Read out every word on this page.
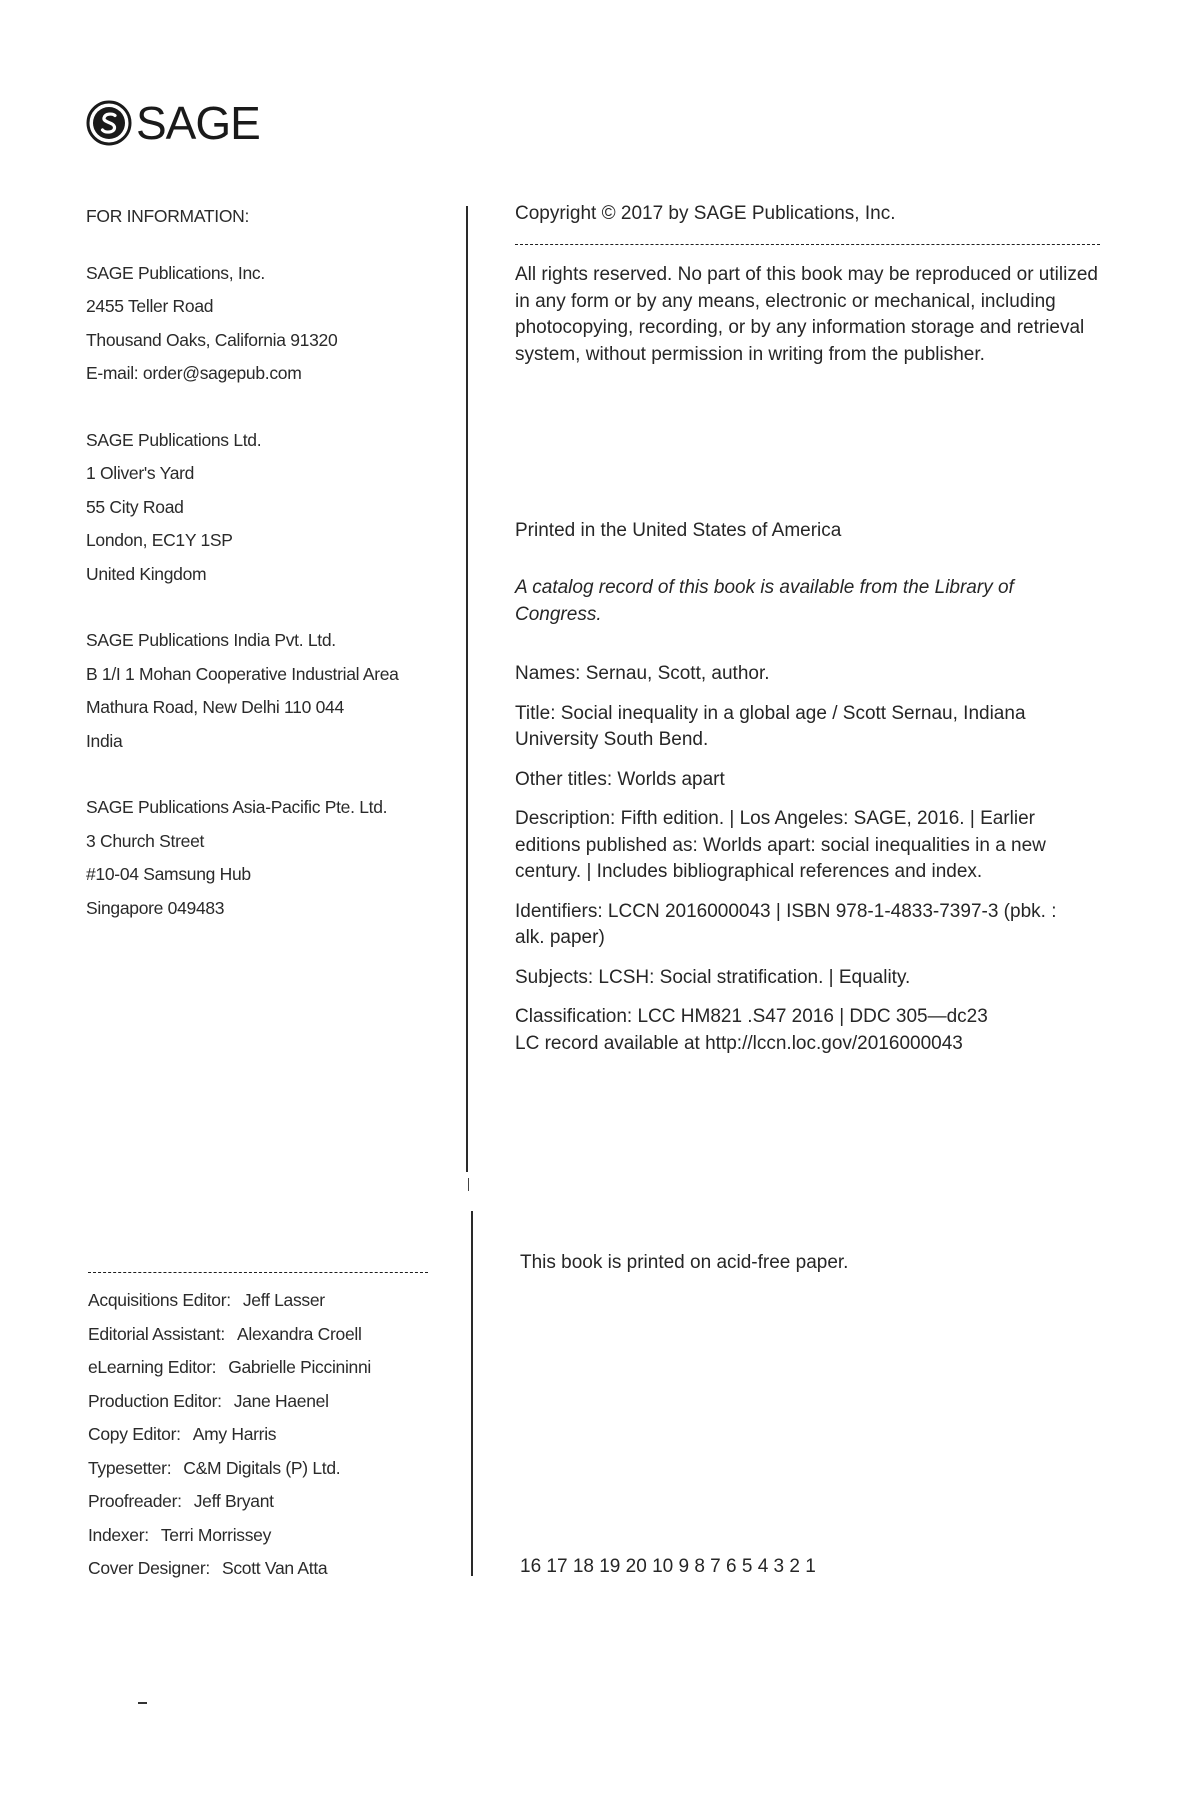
SAGE
FOR INFORMATION:
SAGE Publications, Inc.
2455 Teller Road
Thousand Oaks, California 91320
E-mail: order@sagepub.com
SAGE Publications Ltd.
1 Oliver's Yard
55 City Road
London, EC1Y 1SP
United Kingdom
SAGE Publications India Pvt. Ltd.
B 1/I 1 Mohan Cooperative Industrial Area
Mathura Road, New Delhi 110 044
India
SAGE Publications Asia-Pacific Pte. Ltd.
3 Church Street
#10-04 Samsung Hub
Singapore 049483
Acquisitions Editor: Jeff Lasser
Editorial Assistant: Alexandra Croell
eLearning Editor: Gabrielle Piccininni
Production Editor: Jane Haenel
Copy Editor: Amy Harris
Typesetter: C&M Digitals (P) Ltd.
Proofreader: Jeff Bryant
Indexer: Terri Morrissey
Cover Designer: Scott Van Atta
Copyright © 2017 by SAGE Publications, Inc.
All rights reserved. No part of this book may be reproduced or utilized in any form or by any means, electronic or mechanical, including photocopying, recording, or by any information storage and retrieval system, without permission in writing from the publisher.
Printed in the United States of America
A catalog record of this book is available from the Library of Congress.

Names: Sernau, Scott, author.

Title: Social inequality in a global age / Scott Sernau, Indiana University South Bend.

Other titles: Worlds apart

Description: Fifth edition. | Los Angeles: SAGE, 2016. | Earlier editions published as: Worlds apart: social inequalities in a new century. | Includes bibliographical references and index.

Identifiers: LCCN 2016000043 | ISBN 978-1-4833-7397-3 (pbk. : alk. paper)

Subjects: LCSH: Social stratification. | Equality.

Classification: LCC HM821 .S47 2016 | DDC 305—dc23

LC record available at http://lccn.loc.gov/2016000043

This book is printed on acid-free paper.
16 17 18 19 20 10 9 8 7 6 5 4 3 2 1
